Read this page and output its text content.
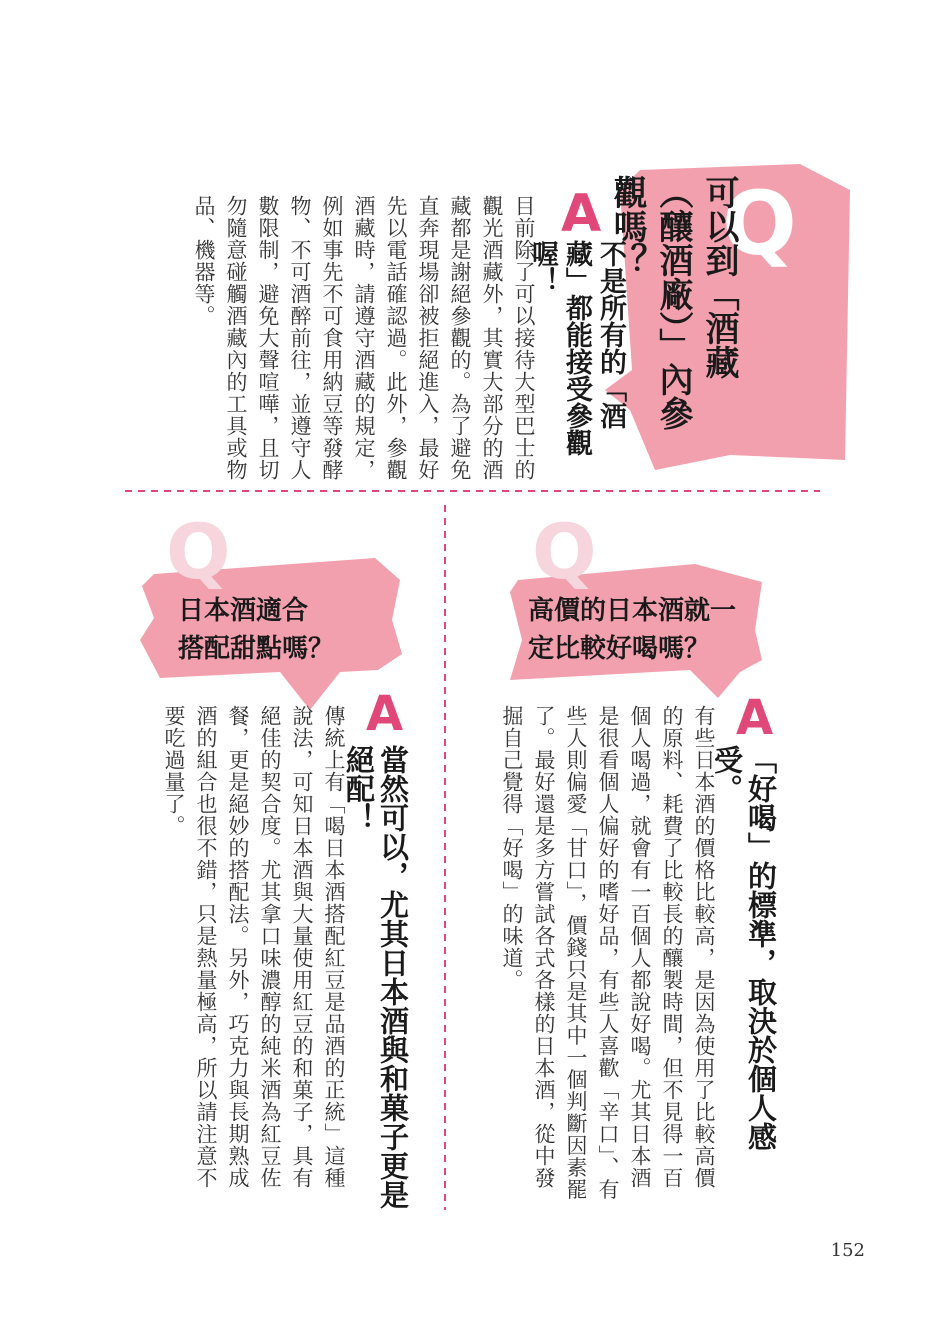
Q
可以到「酒藏（釀酒廠）」內參觀嗎？
A
不是所有的「酒藏」都能接受參觀喔！
目前除了可以接待大型巴士的觀光酒藏外，其實大部分的酒藏都是謝絕參觀的。為了避免直奔現場卻被拒絕進入，最好先以電話確認過。此外，參觀酒藏時，請遵守酒藏的規定，例如事先不可食用納豆等發酵物、不可酒醉前往，並遵守人數限制，避免大聲喧嘩，且切勿隨意碰觸酒藏內的工具或物品、機器等。
Q
高價的日本酒就一
定比較好喝嗎？
A
「好喝」的標準，取決於個人感受。
有些日本酒的價格比較高，是因為使用了比較高價的原料、耗費了比較長的釀製時間，但不見得一百個人喝過，就會有一百個人都說好喝。尤其日本酒是很看個人偏好的嗜好品，有些人喜歡「辛口」、有些人則偏愛「甘口」，價錢只是其中一個判斷因素罷了。最好還是多方嘗試各式各樣的日本酒，從中發掘自己覺得「好喝」的味道。
Q
日本酒適合
搭配甜點嗎？
A
當然可以，尤其日本酒與和菓子更是絕配！
傳統上有「喝日本酒搭配紅豆是品酒的正統」這種說法，可知日本酒與大量使用紅豆的和菓子，具有絕佳的契合度。尤其拿口味濃醇的純米酒為紅豆佐餐，更是絕妙的搭配法。另外，巧克力與長期熟成酒的組合也很不錯，只是熱量極高，所以請注意不要吃過量了。
152
